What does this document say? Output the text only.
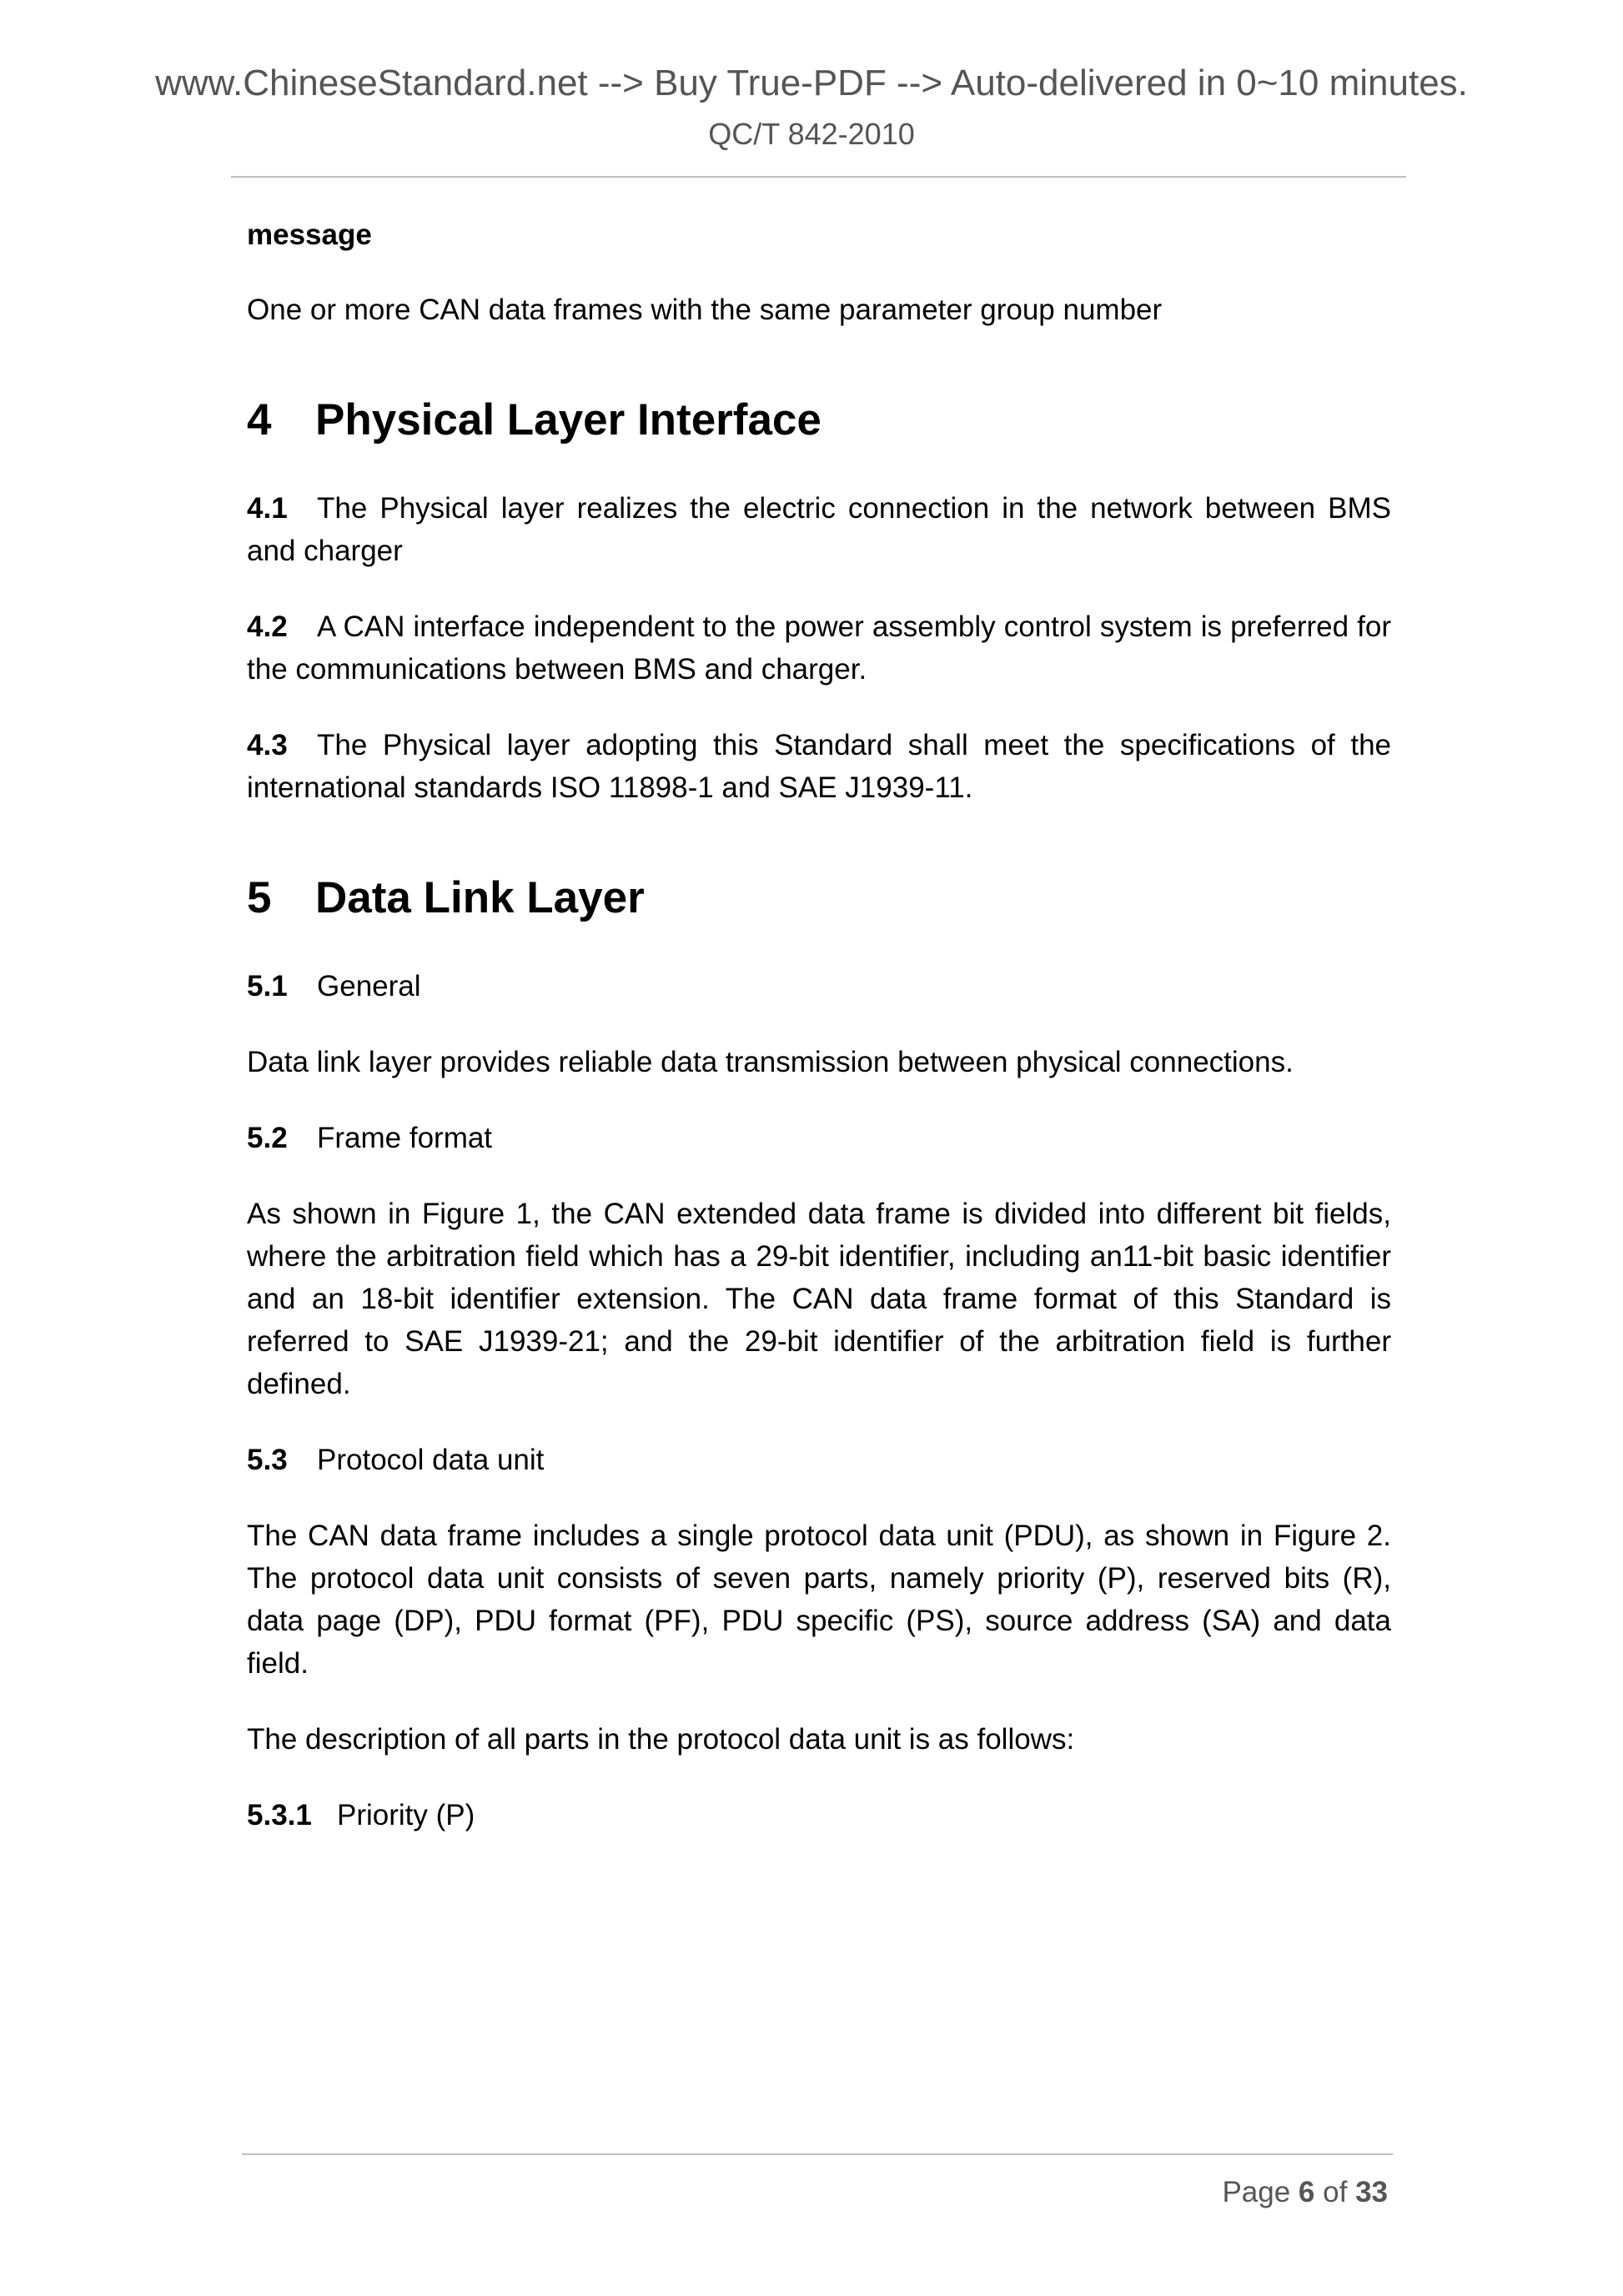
www.ChineseStandard.net --> Buy True-PDF --> Auto-delivered in 0~10 minutes.
QC/T 842-2010

message

One or more CAN data frames with the same parameter group number

4 Physical Layer Interface

4.1 The Physical layer realizes the electric connection in the network between BMS and charger

4.2 A CAN interface independent to the power assembly control system is preferred for the communications between BMS and charger.

4.3 The Physical layer adopting this Standard shall meet the specifications of the international standards ISO 11898-1 and SAE J1939-11.

5 Data Link Layer

5.1 General

Data link layer provides reliable data transmission between physical connections.

5.2 Frame format

As shown in Figure 1, the CAN extended data frame is divided into different bit fields, where the arbitration field which has a 29-bit identifier, including an11-bit basic identifier and an 18-bit identifier extension. The CAN data frame format of this Standard is referred to SAE J1939-21; and the 29-bit identifier of the arbitration field is further defined.

5.3 Protocol data unit

The CAN data frame includes a single protocol data unit (PDU), as shown in Figure 2. The protocol data unit consists of seven parts, namely priority (P), reserved bits (R), data page (DP), PDU format (PF), PDU specific (PS), source address (SA) and data field.

The description of all parts in the protocol data unit is as follows:

5.3.1 Priority (P)

Page 6 of 33
